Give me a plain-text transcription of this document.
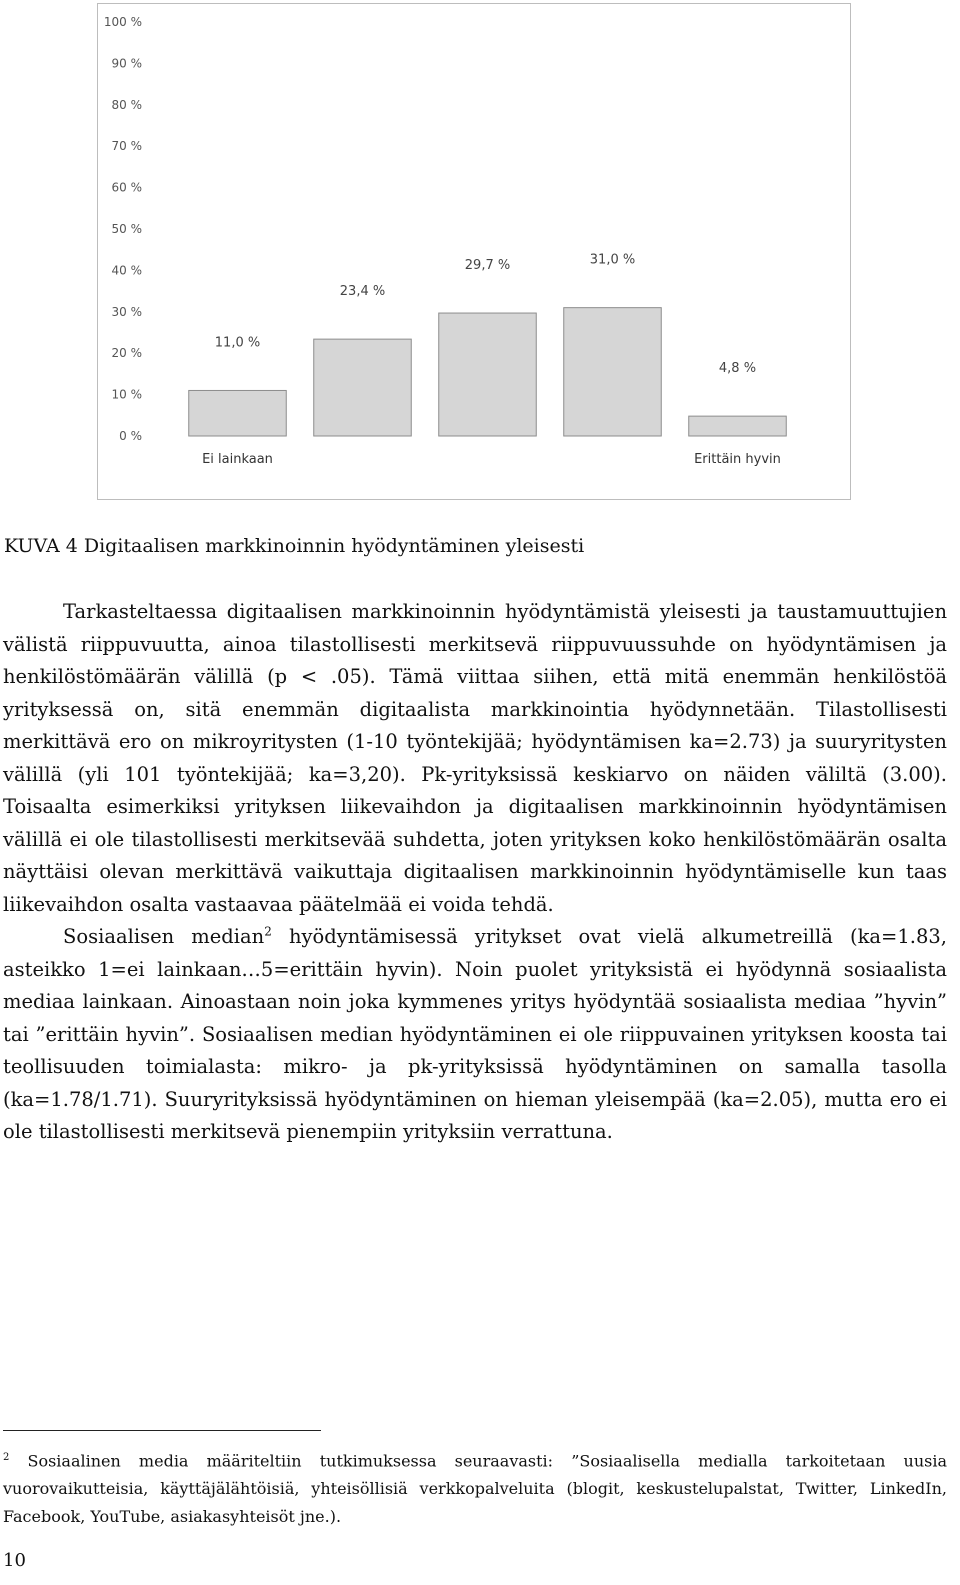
0 %
10 %
20 %
30 %
40 %
50 %
60 %
70 %
80 %
90 %
100 %
11,0 %
Ei lainkaan
23,4 %
29,7 %	31,0 %
4,8 %
Erittäin hyvin
KUVA 4 Digitaalisen markkinoinnin hyödyntäminen yleisesti

Tarkasteltaessa digitaalisen markkinoinnin hyödyntämistä yleisesti ja taustamuuttujien välistä riippuvuutta, ainoa tilastollisesti merkitsevä riippuvuussuhde on hyödyntämisen ja henkilöstömäärän välillä (p < .05). Tämä viittaa siihen, että mitä enemmän henkilöstöä yrityksessä on, sitä enemmän digitaalista markkinointia hyödynnetään. Tilastollisesti merkittävä ero on mikroyritysten (1-10 työntekijää; hyödyntämisen ka=2.73) ja suuryritysten välillä (yli 101 työntekijää; ka=3,20). Pk-yrityksissä keskiarvo on näiden väliltä (3.00). Toisaalta esimerkiksi yrityksen liikevaihdon ja digitaalisen markkinoinnin hyödyntämisen välillä ei ole tilastollisesti merkitsevää suhdetta, joten yrityksen koko henkilöstömäärän osalta näyttäisi olevan merkittävä vaikuttaja digitaalisen markkinoinnin hyödyntämiselle kun taas liikevaihdon osalta vastaavaa päätelmää ei voida tehdä.

Sosiaalisen median$^2$ hyödyntämisessä yritykset ovat vielä alkumetreillä (ka=1.83, asteikko 1=ei lainkaan…5=erittäin hyvin). Noin puolet yrityksistä ei hyödynnä sosiaalista mediaa lainkaan. Ainoastaan noin joka kymmenes yritys hyödyntää sosiaalista mediaa ”hyvin” tai ”erittäin hyvin”. Sosiaalisen median hyödyntäminen ei ole riippuvainen yrityksen koosta tai teollisuuden toimialasta: mikro- ja pk-yrityksissä hyödyntäminen on samalla tasolla (ka=1.78/1.71). Suuryrityksissä hyödyntäminen on hieman yleisempää (ka=2.05), mutta ero ei ole tilastollisesti merkitsevä pienempiin yrityksiin verrattuna.

$^2$ Sosiaalinen media määriteltiin tutkimuksessa seuraavasti: ”Sosiaalisella medialla tarkoitetaan uusia vuorovaikutteisia, käyttäjälähtöisiä, yhteisöllisiä verkkopalveluita (blogit, keskustelupalstat, Twitter, LinkedIn, Facebook, YouTube, asiakasyhteisöt jne.).
10
